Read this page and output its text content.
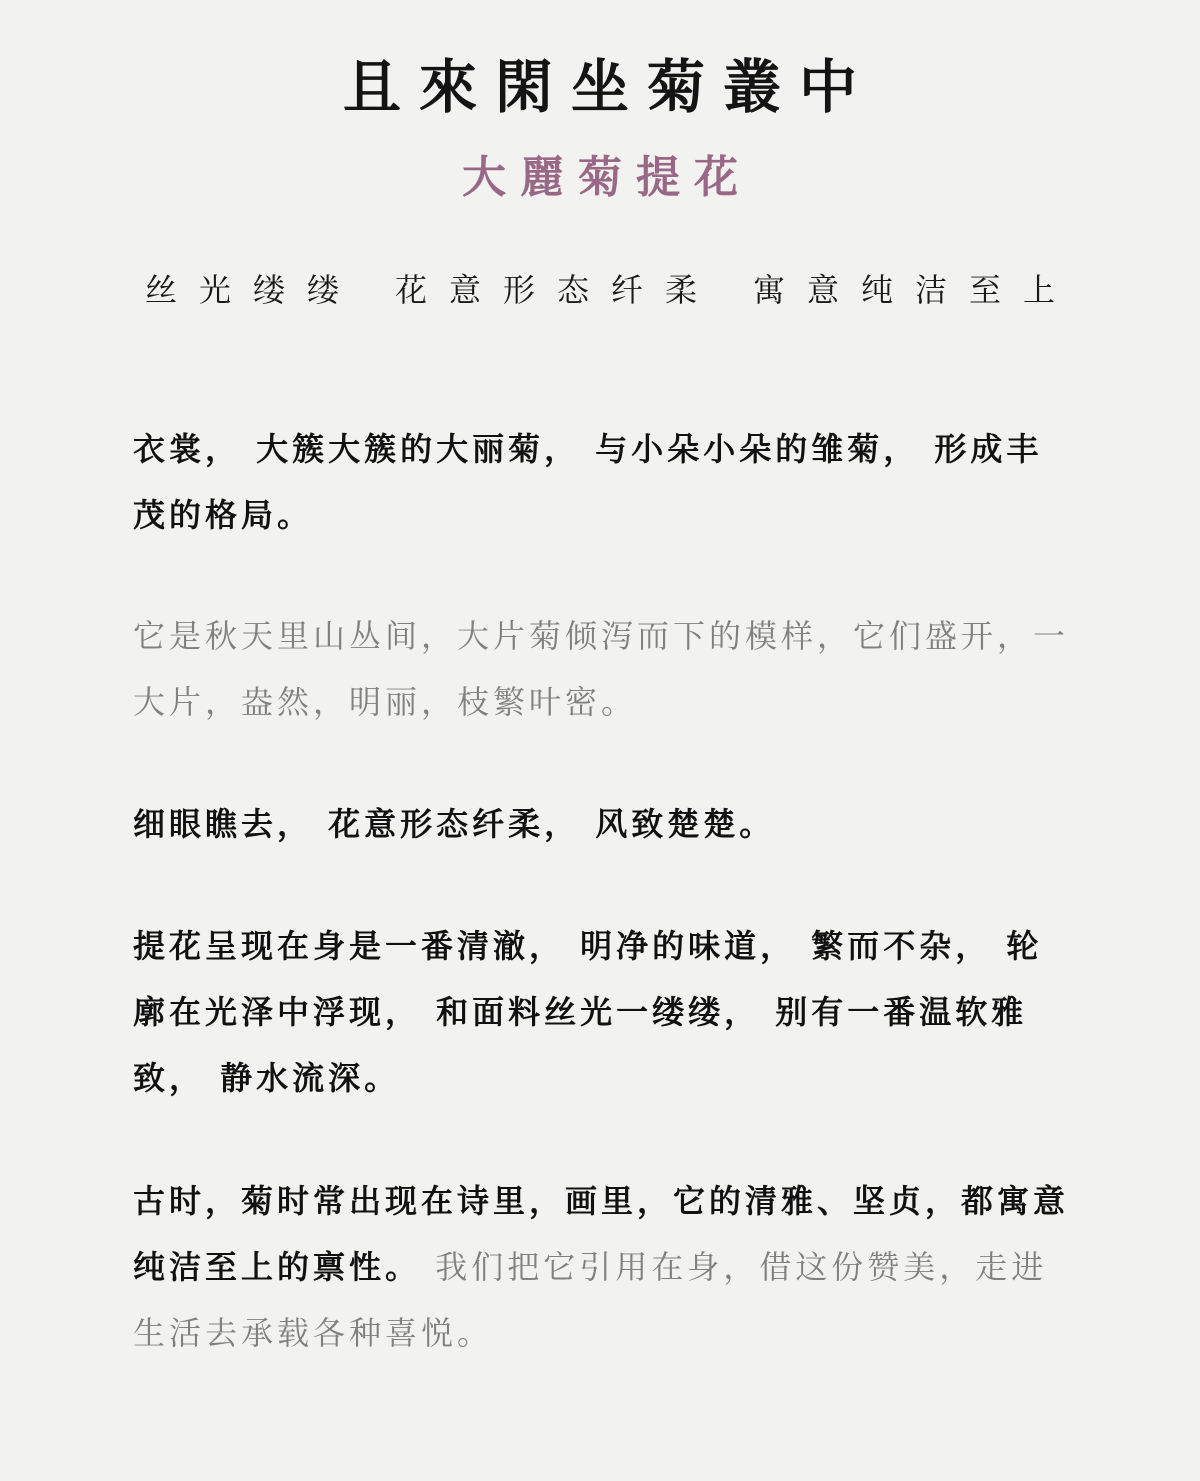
且來閑坐菊叢中
大麗菊提花
丝光缕缕 花意形态纤柔 寓意纯洁至上

衣裳， 大簇大簇的大丽菊， 与小朵小朵的雏菊， 形成丰茂的格局。

它是秋天里山丛间，大片菊倾泻而下的模样，它们盛开，一大片，盎然，明丽，枝繁叶密。

细眼瞧去， 花意形态纤柔， 风致楚楚。

提花呈现在身是一番清澈， 明净的味道， 繁而不杂， 轮廓在光泽中浮现， 和面料丝光一缕缕， 别有一番温软雅致， 静水流深。

古时，菊时常出现在诗里，画里，它的清雅、坚贞，都寓意纯洁至上的禀性。 我们把它引用在身，借这份赞美，走进生活去承载各种喜悦。
